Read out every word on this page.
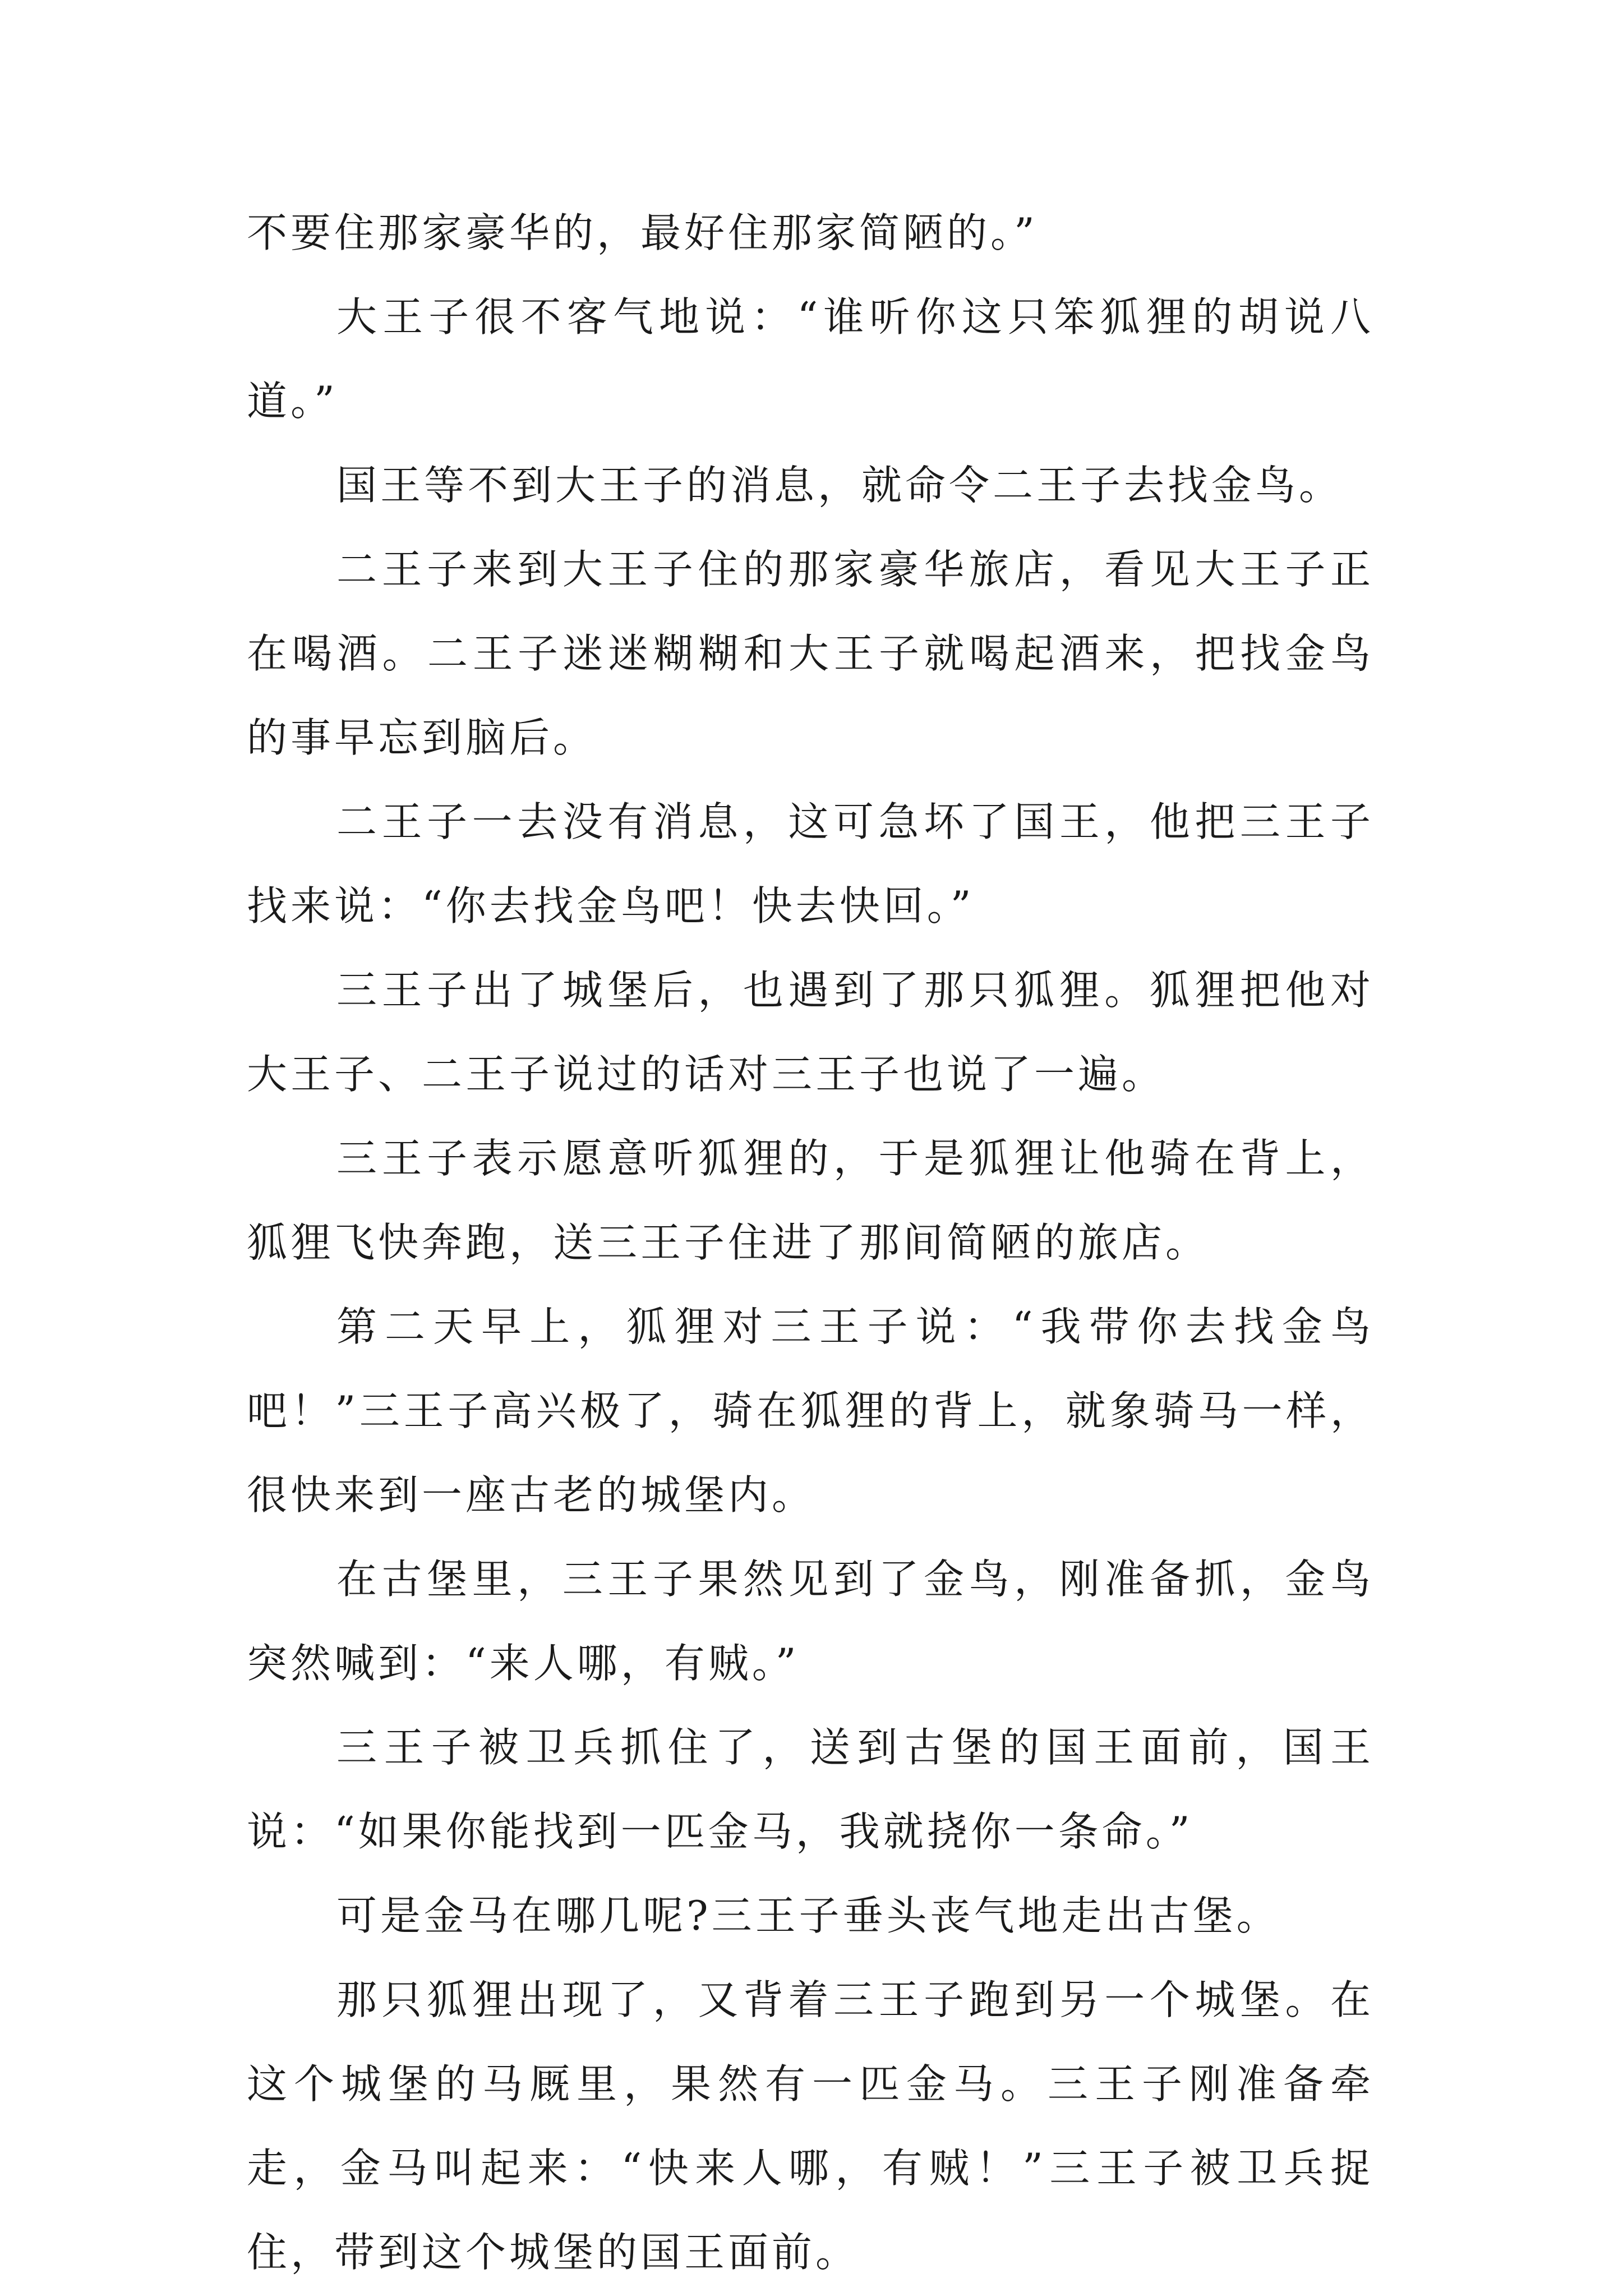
不要住那家豪华的，最好住那家简陋的。”

大王子很不客气地说：“谁听你这只笨狐狸的胡说八道。”

国王等不到大王子的消息，就命令二王子去找金鸟。

二王子来到大王子住的那家豪华旅店，看见大王子正在喝酒。二王子迷迷糊糊和大王子就喝起酒来，把找金鸟的事早忘到脑后。

二王子一去没有消息，这可急坏了国王，他把三王子找来说：“你去找金鸟吧！快去快回。”

三王子出了城堡后，也遇到了那只狐狸。狐狸把他对大王子、二王子说过的话对三王子也说了一遍。

三王子表示愿意听狐狸的，于是狐狸让他骑在背上，狐狸飞快奔跑，送三王子住进了那间简陋的旅店。

第二天早上，狐狸对三王子说：“我带你去找金鸟吧！”三王子高兴极了，骑在狐狸的背上，就象骑马一样，很快来到一座古老的城堡内。

在古堡里，三王子果然见到了金鸟，刚准备抓，金鸟突然喊到：“来人哪，有贼。”

三王子被卫兵抓住了，送到古堡的国王面前，国王说：“如果你能找到一匹金马，我就挠你一条命。”

可是金马在哪几呢?三王子垂头丧气地走出古堡。

那只狐狸出现了，又背着三王子跑到另一个城堡。在这个城堡的马厩里，果然有一匹金马。三王子刚准备牵走，金马叫起来：“快来人哪，有贼！”三王子被卫兵捉住，带到这个城堡的国王面前。
